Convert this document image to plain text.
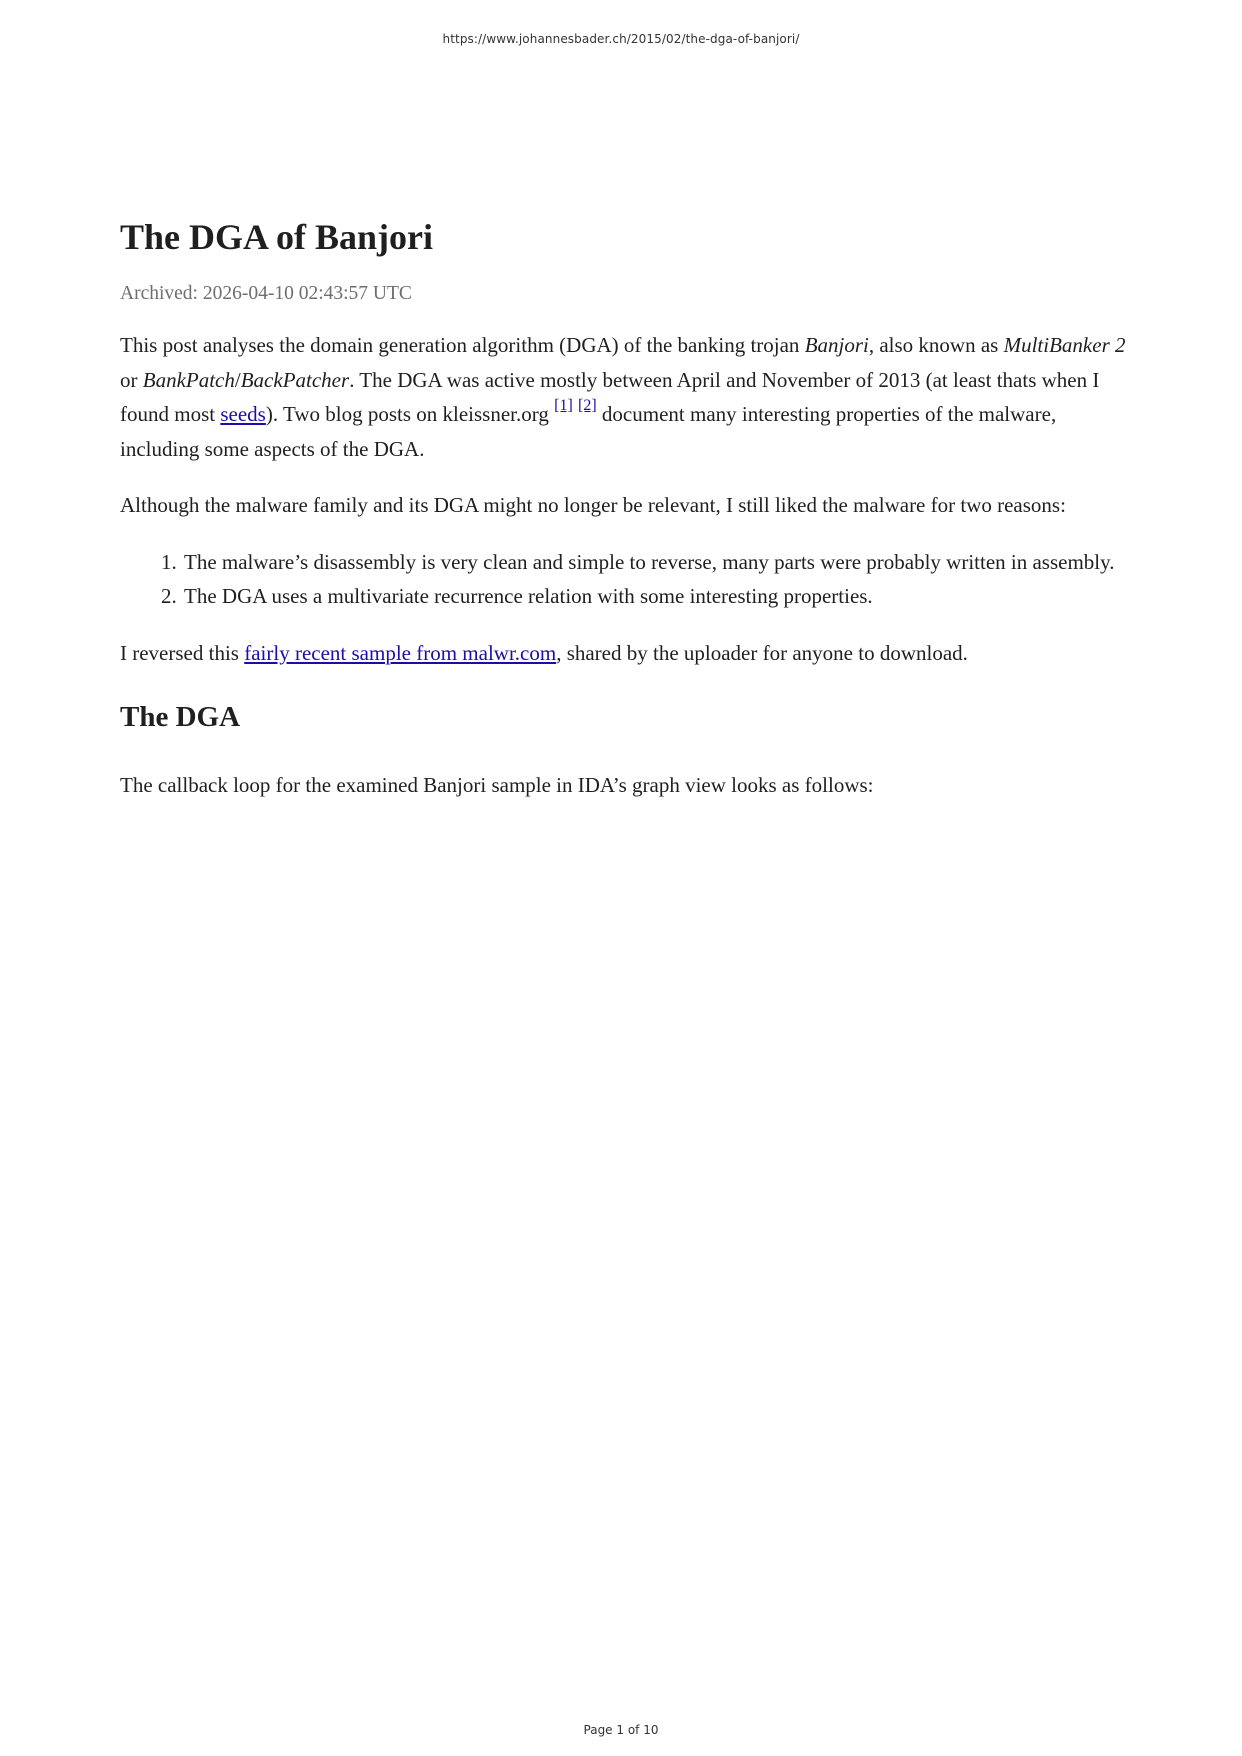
https://www.johannesbader.ch/2015/02/the-dga-of-banjori/
The DGA of Banjori
Archived: 2026-04-10 02:43:57 UTC

This post analyses the domain generation algorithm (DGA) of the banking trojan Banjori, also known as MultiBanker 2 or BankPatch/BackPatcher. The DGA was active mostly between April and November of 2013 (at least thats when I found most seeds). Two blog posts on kleissner.org [1] [2] document many interesting properties of the malware, including some aspects of the DGA.

Although the malware family and its DGA might no longer be relevant, I still liked the malware for two reasons:

1. The malware’s disassembly is very clean and simple to reverse, many parts were probably written in assembly.
2. The DGA uses a multivariate recurrence relation with some interesting properties.

I reversed this fairly recent sample from malwr.com, shared by the uploader for anyone to download.

The DGA

The callback loop for the examined Banjori sample in IDA’s graph view looks as follows:

Page 1 of 10
